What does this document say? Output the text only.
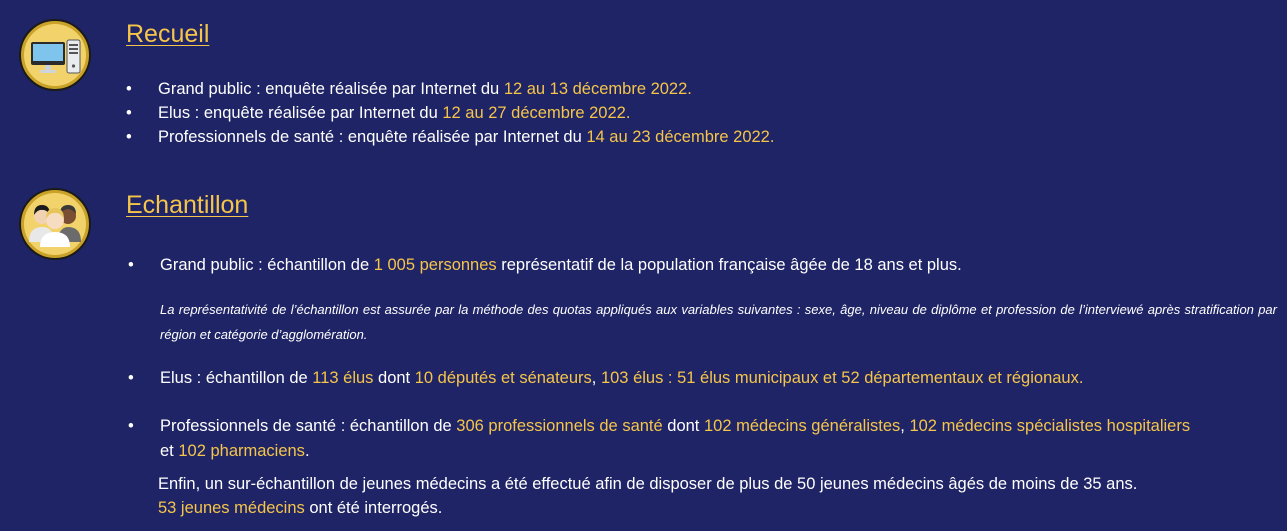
Recueil
• Grand public : enquête réalisée par Internet du 12 au 13 décembre 2022.
• Elus : enquête réalisée par Internet du 12 au 27 décembre 2022.
• Professionnels de santé : enquête réalisée par Internet du 14 au 23 décembre 2022.
Echantillon
• Grand public : échantillon de 1 005 personnes représentatif de la population française âgée de 18 ans et plus.
La représentativité de l’échantillon est assurée par la méthode des quotas appliqués aux variables suivantes : sexe, âge, niveau de diplôme et profession de l’interviewé après stratification par région et catégorie d’agglomération.
• Elus : échantillon de 113 élus dont 10 députés et sénateurs, 103 élus : 51 élus municipaux et 52 départementaux et régionaux.
• Professionnels de santé : échantillon de 306 professionnels de santé dont 102 médecins généralistes, 102 médecins spécialistes hospitaliers
et 102 pharmaciens.
Enfin, un sur-échantillon de jeunes médecins a été effectué afin de disposer de plus de 50 jeunes médecins âgés de moins de 35 ans.
53 jeunes médecins ont été interrogés.
